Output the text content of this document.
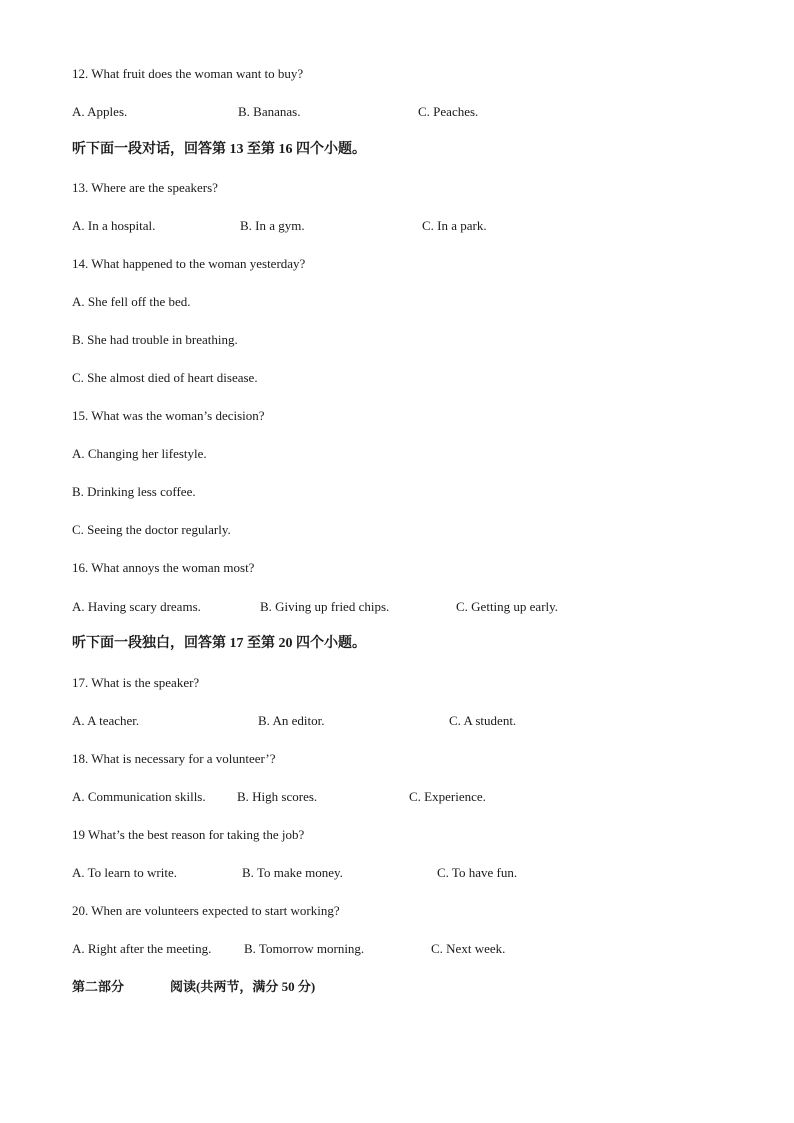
12. What fruit does the woman want to buy?
A. Apples.	B. Bananas.	C. Peaches.
听下面一段对话，回答第 13 至第 16 四个小题。
13. Where are the speakers?
A. In a hospital.	B. In a gym.	C. In a park.
14. What happened to the woman yesterday?
A. She fell off the bed.
B. She had trouble in breathing.
C. She almost died of heart disease.
15. What was the woman’s decision?
A. Changing her lifestyle.
B. Drinking less coffee.
C. Seeing the doctor regularly.
16. What annoys the woman most?
A. Having scary dreams.	B. Giving up fried chips.	C. Getting up early.
听下面一段独白，回答第 17 至第 20 四个小题。
17. What is the speaker?
A. A teacher.	B. An editor.	C. A student.
18. What is necessary for a volunteer’?
A. Communication skills. B. High scores.	C. Experience.
19 What’s the best reason for taking the job?
A. To learn to write.	B. To make money.	C. To have fun.
20. When are volunteers expected to start working?
A. Right after the meeting.	B. Tomorrow morning.	C. Next week.
第二部分	阅读(共两节，满分 50 分)
